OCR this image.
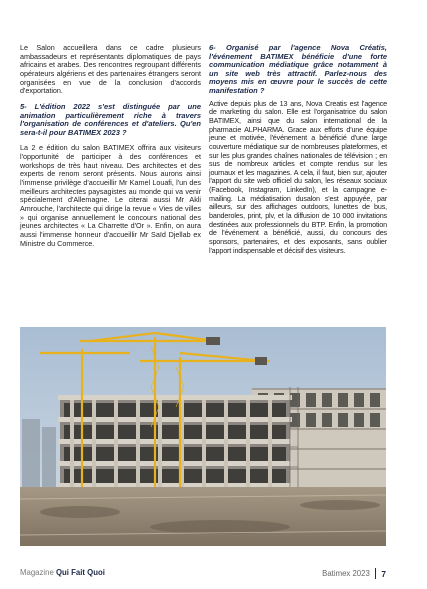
Le Salon accueillera dans ce cadre plusieurs ambassadeurs et représentants diplomatiques de pays africains et arabes. Des rencontres regroupant différents opérateurs algériens et des partenaires étrangers seront organisées en vue de la conclusion d'accords d'exportation.

5- L'édition 2022 s'est distinguée par une animation particulièrement riche à travers l'organisation de conférences et d'ateliers. Qu'en sera-t-il pour BATIMEX 2023 ?

La 2 e édition du salon BATIMEX offrira aux visiteurs l'opportunité de participer à des conférences et workshops de très haut niveau. Des architectes et des experts de renom seront présents. Nous aurons ainsi l'immense privilège d'accueillir Mr Kamel Louafi, l'un des meilleurs architectes paysagistes au monde qui va venir spécialement d'Allemagne. Le citerai aussi Mr Akli Amrouche, l'architecte qui dirige la revue « Vies de villes » qui organise annuellement le concours national des jeunes architectes « La Charrette d'Or ». Enfin, on aura aussi l'immense honneur d'accueillir Mr Saïd Djellab ex Ministre du Commerce.

6- Organisé par l'agence Nova Créatis, l'événement BATIMEX bénéficie d'une forte communication médiatique grâce notamment à un site web très attractif. Parlez-nous des moyens mis en œuvre pour le succès de cette manifestation ?

Active depuis plus de 13 ans, Nova Creatis est l'agence de marketing du salon. Elle est l'organisatrice du salon BATIMEX, ainsi que du salon international de la pharmacie ALPHARMA. Grace aux efforts d'une équipe jeune et motivée, l'événement a bénéficié d'une large couverture médiatique sur de nombreuses plateformes, et sur les plus grandes chaînes nationales de télévision ; en sus de nombreux articles et compte rendus sur les journaux et les magazines. A cela, il faut, bien sur, ajouter l'apport du site web officiel du salon, les réseaux sociaux (Facebook, Instagram, LinkedIn), et la campagne e-mailing. La médiatisation dusalon s'est appuyée, par ailleurs, sur des affichages outdoors, lunettes de bus, banderoles, print, plv, et la diffusion de 10 000 invitations destinées aux professionnels du BTP. Enfin, la promotion de l'événement a bénéficié, aussi, du concours des sponsors, partenaires, et des exposants, sans oublier l'apport indispensable et décisif des visiteurs.

Magazine Qui Fait Quoi	Batimex 2023 7
